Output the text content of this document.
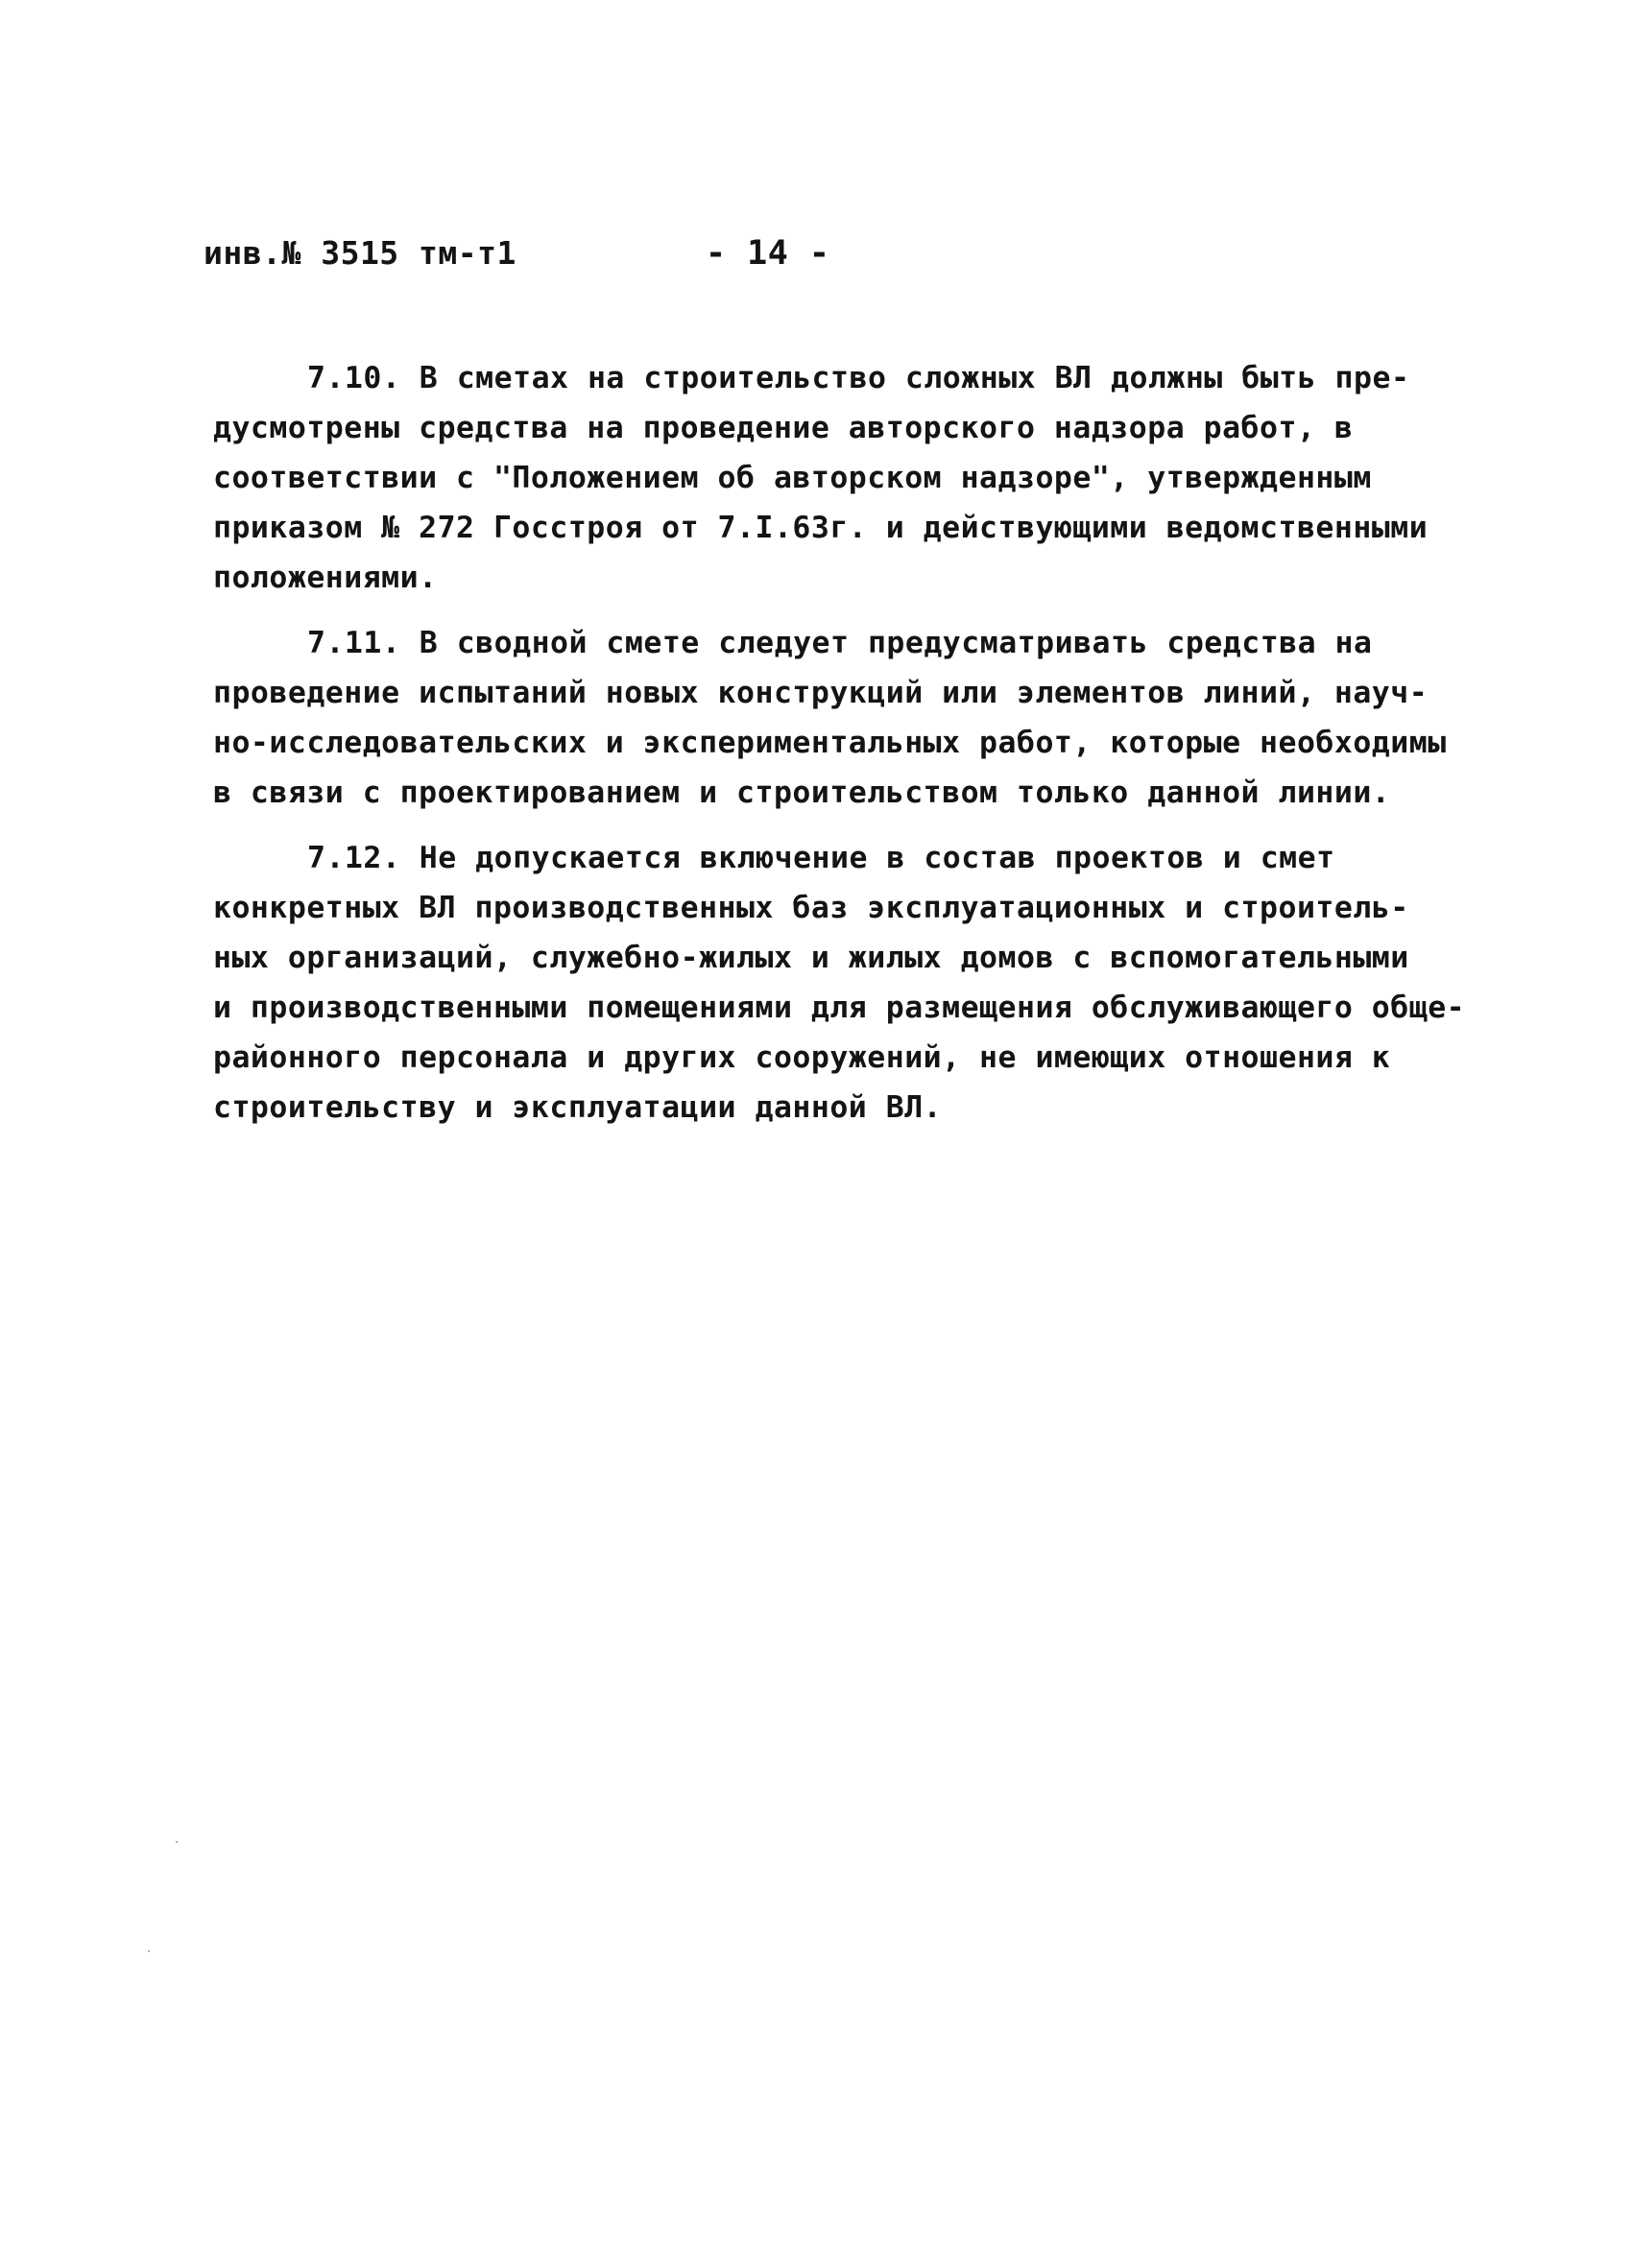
инв.№ 3515 тм-т1	- 14 -
7.10. В сметах на строительство сложных ВЛ должны быть пре-
дусмотрены средства на проведение авторского надзора работ, в
соответствии с "Положением об авторском надзоре", утвержденным
приказом № 272 Госстроя от 7.I.63г. и действующими ведомственными
положениями.
7.11. В сводной смете следует предусматривать средства на
проведение испытаний новых конструкций или элементов линий, науч-
но-исследовательских и экспериментальных работ, которые необходимы
в связи с проектированием и строительством только данной линии.
7.12. Не допускается включение в состав проектов и смет
конкретных ВЛ производственных баз эксплуатационных и строитель-
ных организаций, служебно-жилых и жилых домов с вспомогательными
и производственными помещениями для размещения обслуживающего обще-
районного персонала и других сооружений, не имеющих отношения к
строительству и эксплуатации данной ВЛ.
